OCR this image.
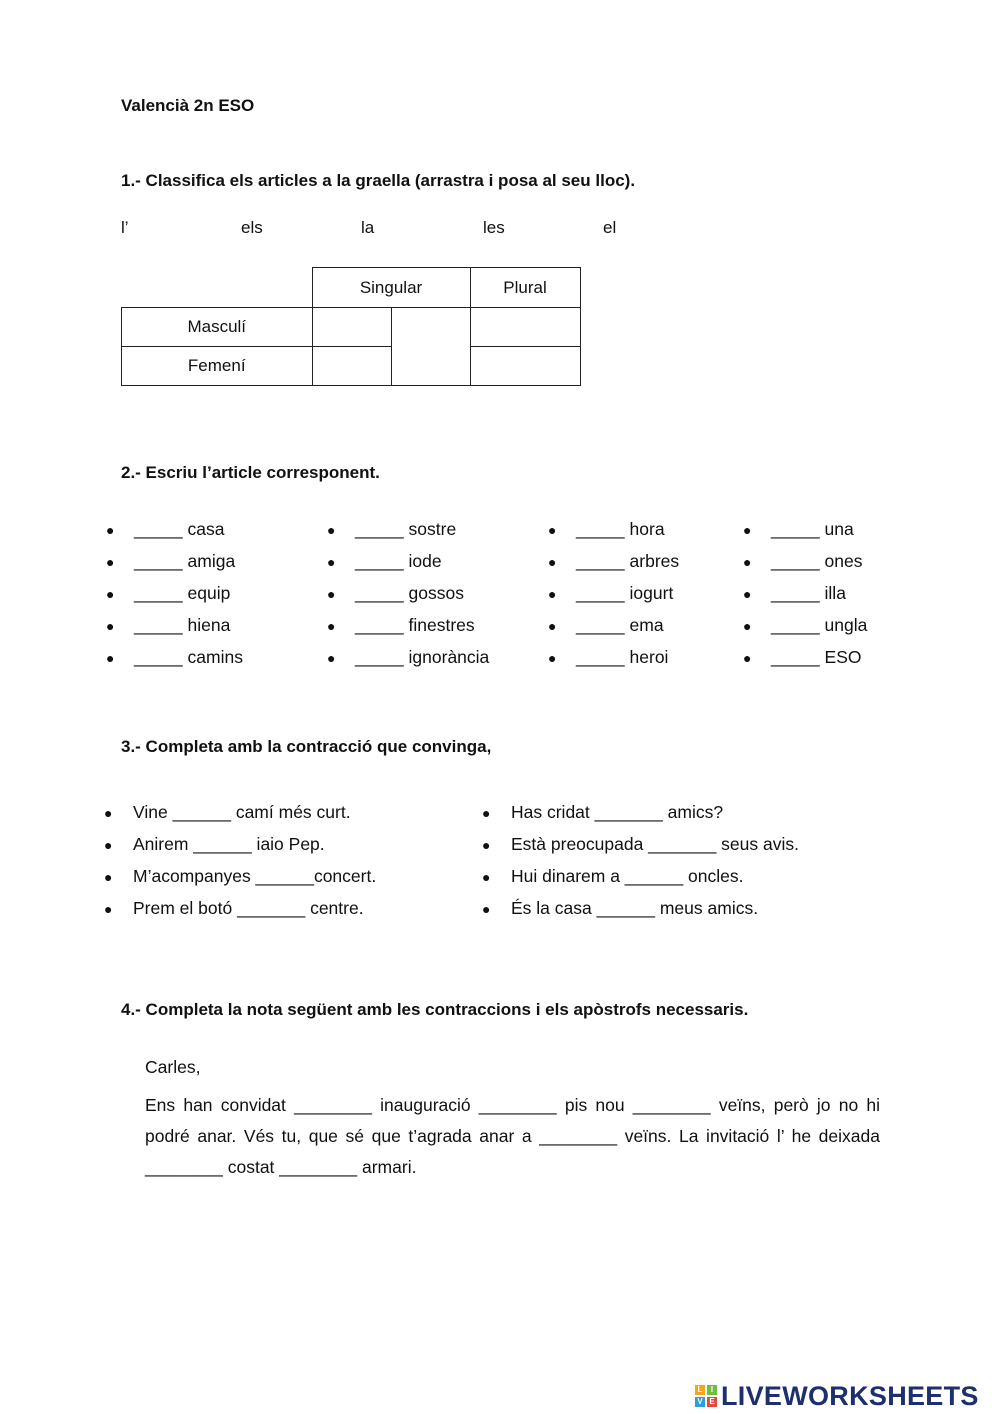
Valencià 2n ESO
1.- Classifica els articles a la graella (arrastra i posa al seu lloc).
l’	els	la	les	el
	Singular		Plural
Masculí			
Femení			
2.- Escriu l’article corresponent.
● _____ casa
● _____ amiga
● _____ equip
● _____ hiena
● _____ camins
● _____ sostre
● _____ iode
● _____ gossos
● _____ finestres
● _____ ignorància
● _____ hora
● _____ arbres
● _____ iogurt
● _____ ema
● _____ heroi
● _____ una
● _____ ones
● _____ illa
● _____ ungla
● _____ ESO
3.- Completa amb la contracció que convinga,
● Vine ______ camí més curt.
● Anirem ______ iaio Pep.
● M’acompanyes ______concert.
● Prem el botó _______ centre.
● Has cridat _______ amics?
● Està preocupada _______ seus avis.
● Hui dinarem a ______ oncles.
● És la casa ______ meus amics.
4.- Completa la nota següent amb les contraccions i els apòstrofs necessaris.
Carles,
Ens han convidat ________ inauguració ________ pis nou ________ veïns, però jo no hi podré anar. Vés tu, que sé que t’agrada anar a ________ veïns. La invitació l’ he deixada ________ costat ________ armari.
L	I
V E LIVEWORKSHEETS
